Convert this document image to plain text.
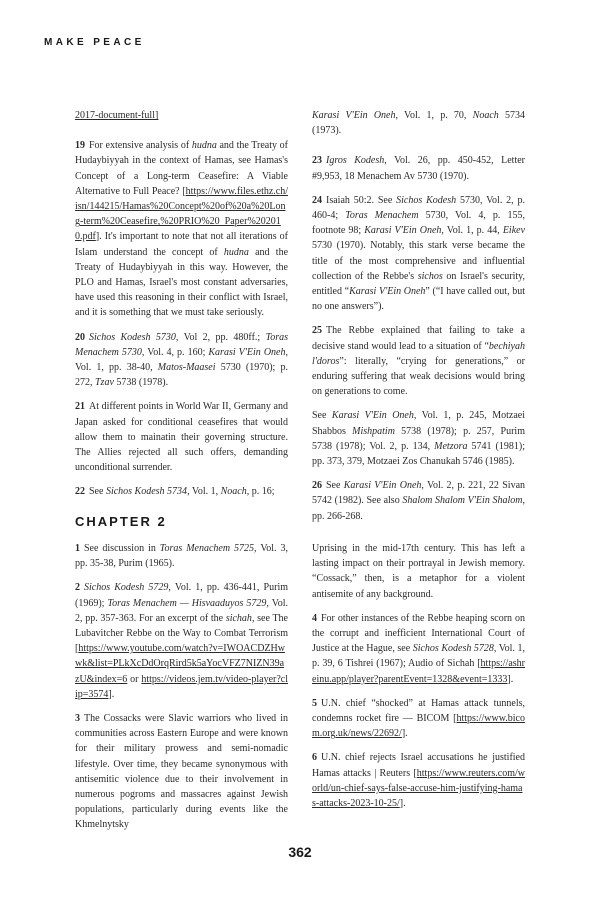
MAKE PEACE

2017-document-full]

19 For extensive analysis of hudna and the Treaty of Hudaybiyyah in the context of Hamas, see Hamas's Concept of a Long-term Ceasefire: A Viable Alternative to Full Peace? [https://www.files.ethz.ch/isn/144215/Hamas%20Concept%20of%20a%20Long-term%20Ceasefire,%20PRIO%20_Paper%202010.pdf]. It's important to note that not all iterations of Islam understand the concept of hudna and the Treaty of Hudaybiyyah in this way. However, the PLO and Hamas, Israel's most constant adversaries, have used this reasoning in their conflict with Israel, and it is something that we must take seriously.

20 Sichos Kodesh 5730, Vol 2, pp. 480ff.; Toras Menachem 5730, Vol. 4, p. 160; Karasi V'Ein Oneh, Vol. 1, pp. 38-40, Matos-Maasei 5730 (1970); p. 272, Tzav 5738 (1978).

21 At different points in World War II, Germany and Japan asked for conditional ceasefires that would allow them to mainatin their governing structure. The Allies rejected all such offers, demanding unconditional surrender.

22 See Sichos Kodesh 5734, Vol. 1, Noach, p. 16;

Karasi V'Ein Oneh, Vol. 1, p. 70, Noach 5734 (1973).

23 Igros Kodesh, Vol. 26, pp. 450-452, Letter #9,953, 18 Menachem Av 5730 (1970).

24 Isaiah 50:2. See Sichos Kodesh 5730, Vol. 2, p. 460-4; Toras Menachem 5730, Vol. 4, p. 155, footnote 98; Karasi V'Ein Oneh, Vol. 1, p. 44, Eikev 5730 (1970). Notably, this stark verse became the title of the most comprehensive and influential collection of the Rebbe's sichos on Israel's security, entitled “Karasi V'Ein Oneh” (“I have called out, but no one answers”).

25 The Rebbe explained that failing to take a decisive stand would lead to a situation of “bechiyah l'doros”: literally, “crying for generations,” or enduring suffering that weak decisions would bring on generations to come.

See Karasi V'Ein Oneh, Vol. 1, p. 245, Motzaei Shabbos Mishpatim 5738 (1978); p. 257, Purim 5738 (1978); Vol. 2, p. 134, Metzora 5741 (1981); pp. 373, 379, Motzaei Zos Chanukah 5746 (1985).

26 See Karasi V'Ein Oneh, Vol. 2, p. 221, 22 Sivan 5742 (1982). See also Shalom Shalom V'Ein Shalom, pp. 266-268.

CHAPTER 2

1 See discussion in Toras Menachem 5725, Vol. 3, pp. 35-38, Purim (1965).

2 Sichos Kodesh 5729, Vol. 1, pp. 436-441, Purim (1969); Toras Menachem — Hisvaaduyos 5729, Vol. 2, pp. 357-363. For an excerpt of the sichah, see The Lubavitcher Rebbe on the Way to Combat Terrorism [https://www.youtube.com/watch?v=IWOACDZHwwk&list=PLkXcDdOrqRird5k5aYocVFZ7NIZN39azU&index=6 or https://videos.jem.tv/video-player?clip=3574].

3 The Cossacks were Slavic warriors who lived in communities across Eastern Europe and were known for their military prowess and semi-nomadic lifestyle. Over time, they became synonymous with antisemitic violence due to their involvement in numerous pogroms and massacres against Jewish populations, particularly during events like the Khmelnytsky

Uprising in the mid-17th century. This has left a lasting impact on their portrayal in Jewish memory. “Cossack,” then, is a metaphor for a violent antisemite of any background.

4 For other instances of the Rebbe heaping scorn on the corrupt and inefficient International Court of Justice at the Hague, see Sichos Kodesh 5728, Vol. 1, p. 39, 6 Tishrei (1967); Audio of Sichah [https://ashreinu.app/player?parentEvent=1328&event=1333].

5 U.N. chief “shocked” at Hamas attack tunnels, condemns rocket fire — BICOM [https://www.bicom.org.uk/news/22692/].

6 U.N. chief rejects Israel accusations he justified Hamas attacks | Reuters [https://www.reuters.com/world/un-chief-says-false-accuse-him-justifying-hamas-attacks-2023-10-25/].

362
